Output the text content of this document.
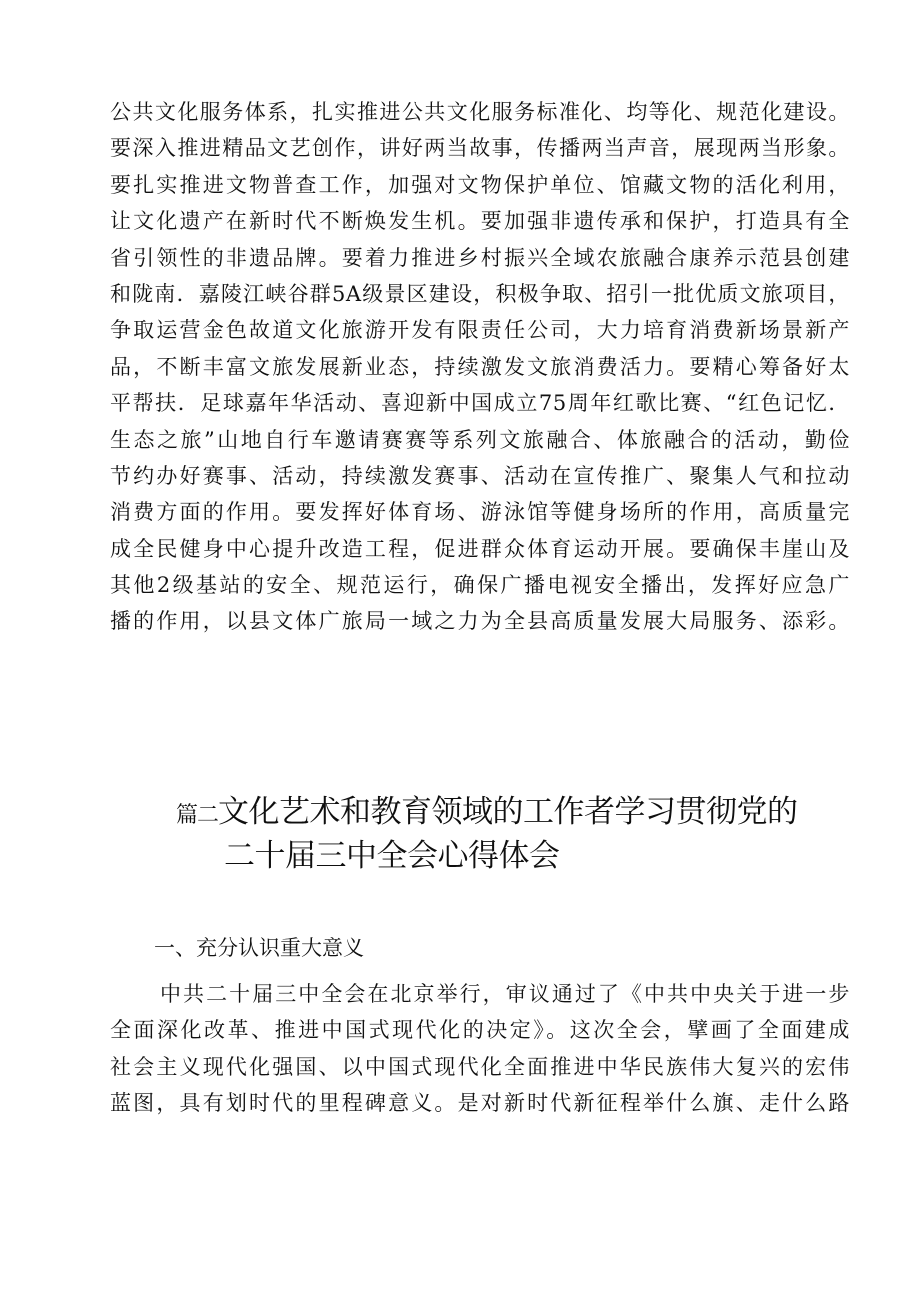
公共文化服务体系，扎实推进公共文化服务标准化、均等化、规范化建设。
要深入推进精品文艺创作，讲好两当故事，传播两当声音，展现两当形象。
要扎实推进文物普查工作，加强对文物保护单位、馆藏文物的活化利用，
让文化遗产在新时代不断焕发生机。要加强非遗传承和保护，打造具有全
省引领性的非遗品牌。要着力推进乡村振兴全域农旅融合康养示范县创建
和陇南．嘉陵江峡谷群5A级景区建设，积极争取、招引一批优质文旅项目，
争取运营金色故道文化旅游开发有限责任公司，大力培育消费新场景新产
品，不断丰富文旅发展新业态，持续激发文旅消费活力。要精心筹备好太
平帮扶．足球嘉年华活动、喜迎新中国成立75周年红歌比赛、“红色记忆．
生态之旅”山地自行车邀请赛赛等系列文旅融合、体旅融合的活动，勤俭
节约办好赛事、活动，持续激发赛事、活动在宣传推广、聚集人气和拉动
消费方面的作用。要发挥好体育场、游泳馆等健身场所的作用，高质量完
成全民健身中心提升改造工程，促进群众体育运动开展。要确保丰崖山及
其他2级基站的安全、规范运行，确保广播电视安全播出，发挥好应急广
播的作用，以县文体广旅局一域之力为全县高质量发展大局服务、添彩。
篇二文化艺术和教育领域的工作者学习贯彻党的
二十届三中全会心得体会
一、充分认识重大意义
中共二十届三中全会在北京举行，审议通过了《中共中央关于进一步
全面深化改革、推进中国式现代化的决定》。这次全会，擘画了全面建成
社会主义现代化强国、以中国式现代化全面推进中华民族伟大复兴的宏伟
蓝图，具有划时代的里程碑意义。是对新时代新征程举什么旗、走什么路
